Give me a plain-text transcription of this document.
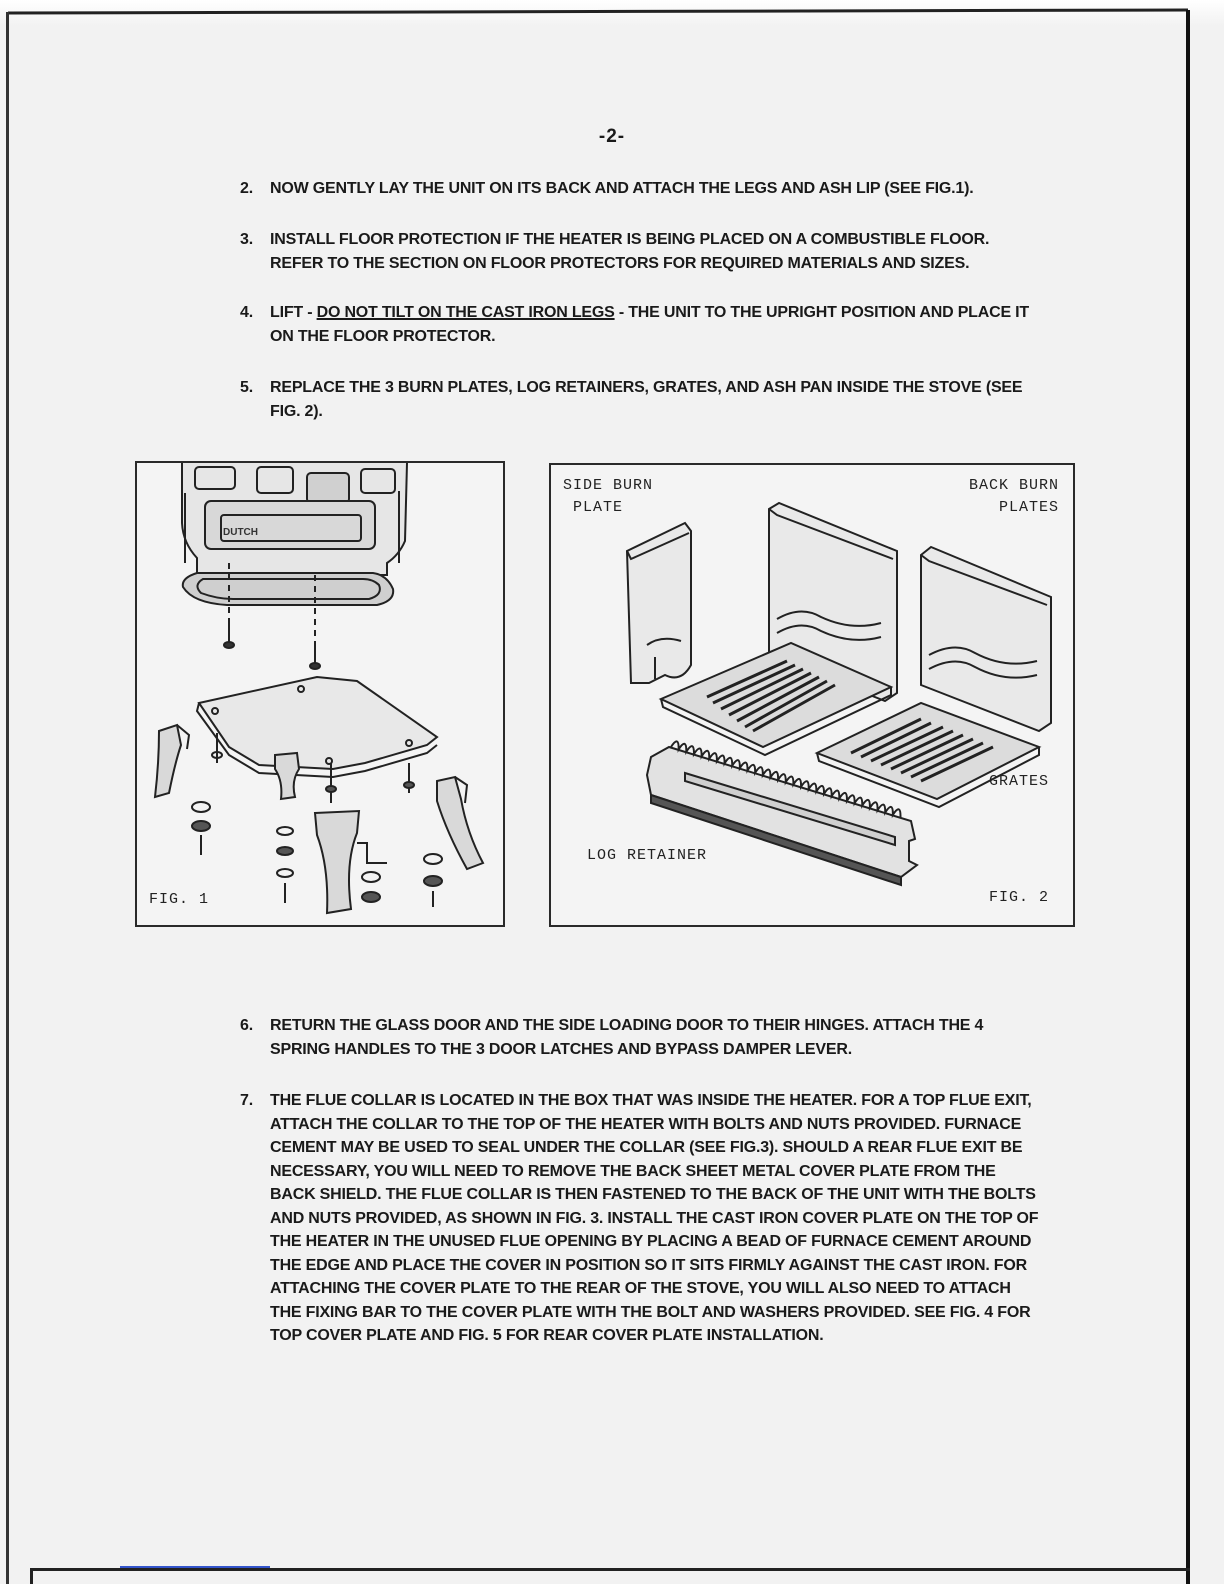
-2-
2.	NOW GENTLY LAY THE UNIT ON ITS BACK AND ATTACH THE LEGS AND ASH LIP (SEE FIG.1).
3.	INSTALL FLOOR PROTECTION IF THE HEATER IS BEING PLACED ON A COMBUSTIBLE FLOOR. REFER TO THE SECTION ON FLOOR PROTECTORS FOR REQUIRED MATERIALS AND SIZES.
4.	LIFT - DO NOT TILT ON THE CAST IRON LEGS - THE UNIT TO THE UPRIGHT POSITION AND PLACE IT ON THE FLOOR PROTECTOR.
5.	REPLACE THE 3 BURN PLATES, LOG RETAINERS, GRATES, AND ASH PAN INSIDE THE STOVE (SEE FIG. 2).
DUTCH
FIG. 1
SIDE BURN
PLATE
BACK BURN
PLATES
GRATES
LOG RETAINER
FIG. 2
6.	RETURN THE GLASS DOOR AND THE SIDE LOADING DOOR TO THEIR HINGES. ATTACH THE 4 SPRING HANDLES TO THE 3 DOOR LATCHES AND BYPASS DAMPER LEVER.
7.	THE FLUE COLLAR IS LOCATED IN THE BOX THAT WAS INSIDE THE HEATER. FOR A TOP FLUE EXIT, ATTACH THE COLLAR TO THE TOP OF THE HEATER WITH BOLTS AND NUTS PROVIDED. FURNACE CEMENT MAY BE USED TO SEAL UNDER THE COLLAR (SEE FIG.3). SHOULD A REAR FLUE EXIT BE NECESSARY, YOU WILL NEED TO REMOVE THE BACK SHEET METAL COVER PLATE FROM THE BACK SHIELD. THE FLUE COLLAR IS THEN FASTENED TO THE BACK OF THE UNIT WITH THE BOLTS AND NUTS PROVIDED, AS SHOWN IN FIG. 3. INSTALL THE CAST IRON COVER PLATE ON THE TOP OF THE HEATER IN THE UNUSED FLUE OPENING BY PLACING A BEAD OF FURNACE CEMENT AROUND THE EDGE AND PLACE THE COVER IN POSITION SO IT SITS FIRMLY AGAINST THE CAST IRON. FOR ATTACHING THE COVER PLATE TO THE REAR OF THE STOVE, YOU WILL ALSO NEED TO ATTACH THE FIXING BAR TO THE COVER PLATE WITH THE BOLT AND WASHERS PROVIDED. SEE FIG. 4 FOR TOP COVER PLATE AND FIG. 5 FOR REAR COVER PLATE INSTALLATION.
